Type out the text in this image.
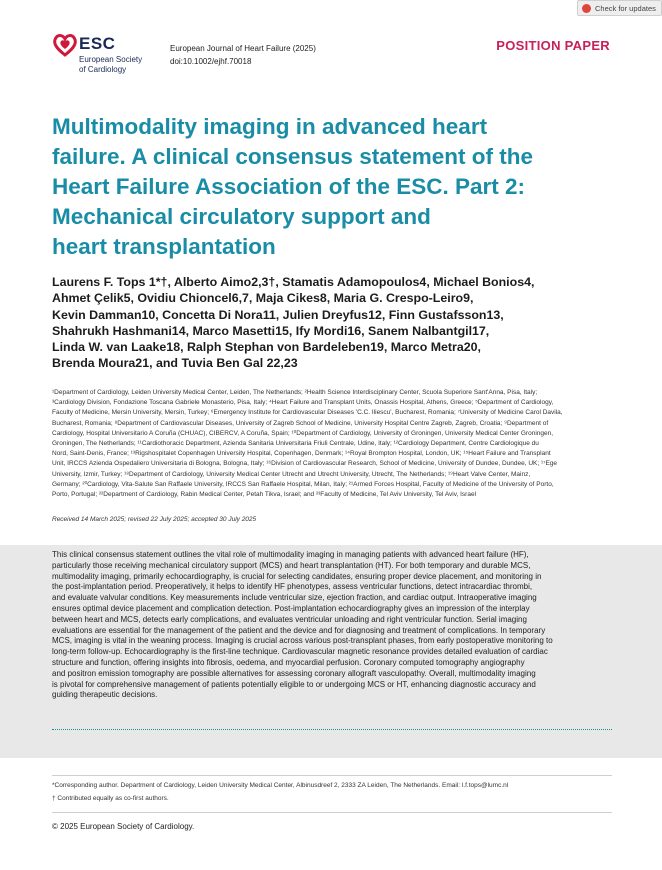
Check for updates
ESC
European Society
of Cardiology
European Journal of Heart Failure (2025)
doi:10.1002/ejhf.70018
POSITION PAPER
Multimodality imaging in advanced heart
failure. A clinical consensus statement of the
Heart Failure Association of the ESC. Part 2:
Mechanical circulatory support and
heart transplantation
Laurens F. Tops 1*†, Alberto Aimo2,3†, Stamatis Adamopoulos4, Michael Bonios4,
Ahmet Çelik5, Ovidiu Chioncel6,7, Maja Cikes8, Maria G. Crespo-Leiro9,
Kevin Damman10, Concetta Di Nora11, Julien Dreyfus12, Finn Gustafsson13,
Shahrukh Hashmani14, Marco Masetti15, Ify Mordi16, Sanem Nalbantgil17,
Linda W. van Laake18, Ralph Stephan von Bardeleben19, Marco Metra20,
Brenda Moura21, and Tuvia Ben Gal 22,23
¹Department of Cardiology, Leiden University Medical Center, Leiden, The Netherlands; ²Health Science Interdisciplinary Center, Scuola Superiore Sant'Anna, Pisa, Italy;
³Cardiology Division, Fondazione Toscana Gabriele Monasterio, Pisa, Italy; ⁴Heart Failure and Transplant Units, Onassis Hospital, Athens, Greece; ⁵Department of Cardiology,
Faculty of Medicine, Mersin University, Mersin, Turkey; ⁶Emergency Institute for Cardiovascular Diseases 'C.C. Iliescu', Bucharest, Romania; ⁷University of Medicine Carol Davila,
Bucharest, Romania; ⁸Department of Cardiovascular Diseases, University of Zagreb School of Medicine, University Hospital Centre Zagreb, Zagreb, Croatia; ⁹Department of
Cardiology, Hospital Universitario A Coruña (CHUAC), CIBERCV, A Coruña, Spain; ¹⁰Department of Cardiology, University of Groningen, University Medical Center Groningen,
Groningen, The Netherlands; ¹¹Cardiothoracic Department, Azienda Sanitaria Universitaria Friuli Centrale, Udine, Italy; ¹²Cardiology Department, Centre Cardiologique du
Nord, Saint-Denis, France; ¹³Rigshospitalet Copenhagen University Hospital, Copenhagen, Denmark; ¹⁴Royal Brompton Hospital, London, UK; ¹⁵Heart Failure and Transplant
Unit, IRCCS Azienda Ospedaliero Universitaria di Bologna, Bologna, Italy; ¹⁶Division of Cardiovascular Research, School of Medicine, University of Dundee, Dundee, UK; ¹⁷Ege
University, Izmir, Turkey; ¹⁸Department of Cardiology, University Medical Center Utrecht and Utrecht University, Utrecht, The Netherlands; ¹⁹Heart Valve Center, Mainz,
Germany; ²⁰Cardiology, Vita-Salute San Raffaele University, IRCCS San Raffaele Hospital, Milan, Italy; ²¹Armed Forces Hospital, Faculty of Medicine of the University of Porto,
Porto, Portugal; ²²Department of Cardiology, Rabin Medical Center, Petah Tikva, Israel; and ²³Faculty of Medicine, Tel Aviv University, Tel Aviv, Israel
Received 14 March 2025; revised 22 July 2025; accepted 30 July 2025
This clinical consensus statement outlines the vital role of multimodality imaging in managing patients with advanced heart failure (HF),
particularly those receiving mechanical circulatory support (MCS) and heart transplantation (HT). For both temporary and durable MCS,
multimodality imaging, primarily echocardiography, is crucial for selecting candidates, ensuring proper device placement, and monitoring in
the post-implantation period. Preoperatively, it helps to identify HF phenotypes, assess ventricular functions, detect intracardiac thrombi,
and evaluate valvular conditions. Key measurements include ventricular size, ejection fraction, and cardiac output. Intraoperative imaging
ensures optimal device placement and complication detection. Post-implantation echocardiography gives an impression of the interplay
between heart and MCS, detects early complications, and evaluates ventricular unloading and right ventricular function. Serial imaging
evaluations are essential for the management of the patient and the device and for diagnosing and treatment of complications. In temporary
MCS, imaging is vital in the weaning process. Imaging is crucial across various post-transplant phases, from early postoperative monitoring to
long-term follow-up. Echocardiography is the first-line technique. Cardiovascular magnetic resonance provides detailed evaluation of cardiac
structure and function, offering insights into fibrosis, oedema, and myocardial perfusion. Coronary computed tomography angiography
and positron emission tomography are possible alternatives for assessing coronary allograft vasculopathy. Overall, multimodality imaging
is pivotal for comprehensive management of patients potentially eligible to or undergoing MCS or HT, enhancing diagnostic accuracy and
guiding therapeutic decisions.
*Corresponding author. Department of Cardiology, Leiden University Medical Center, Albinusdreef 2, 2333 ZA Leiden, The Netherlands. Email: l.f.tops@lumc.nl
† Contributed equally as co-first authors.
© 2025 European Society of Cardiology.
